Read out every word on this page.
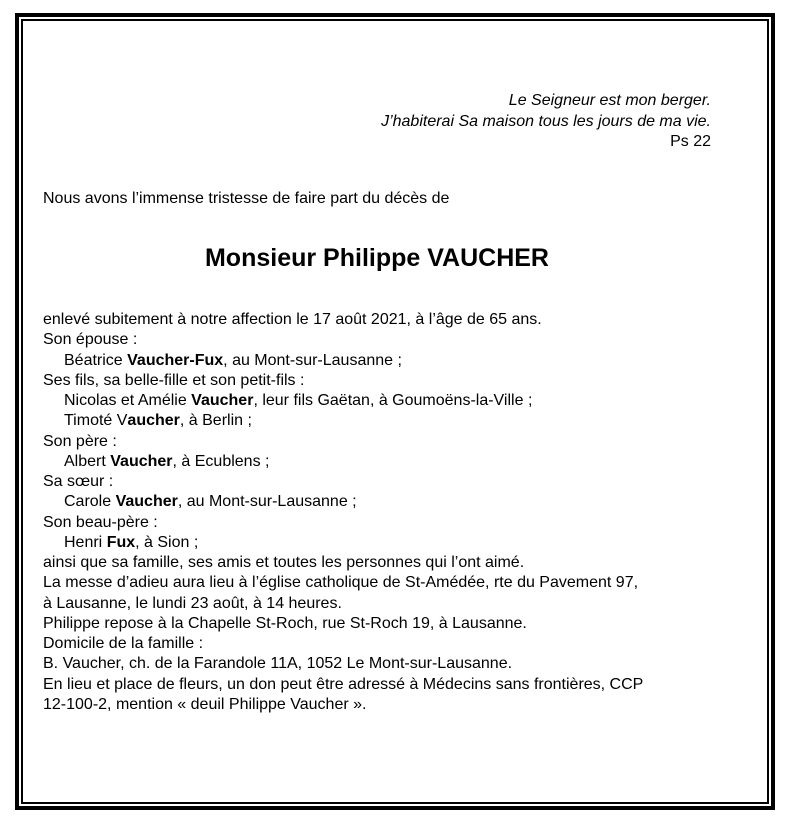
Le Seigneur est mon berger.
J’habiterai Sa maison tous les jours de ma vie.
Ps 22
Nous avons l’immense tristesse de faire part du décès de
Monsieur Philippe VAUCHER
enlevé subitement à notre affection le 17 août 2021, à l’âge de 65 ans.
Son épouse :
Béatrice Vaucher-Fux, au Mont-sur-Lausanne ;
Ses fils, sa belle-fille et son petit-fils :
Nicolas et Amélie Vaucher, leur fils Gaëtan, à Goumoëns-la-Ville ;
Timoté Vaucher, à Berlin ;
Son père :
Albert Vaucher, à Ecublens ;
Sa sœur :
Carole Vaucher, au Mont-sur-Lausanne ;
Son beau-père :
Henri Fux, à Sion ;
ainsi que sa famille, ses amis et toutes les personnes qui l’ont aimé.
La messe d’adieu aura lieu à l’église catholique de St-Amédée, rte du Pavement 97,
à Lausanne, le lundi 23 août, à 14 heures.
Philippe repose à la Chapelle St-Roch, rue St-Roch 19, à Lausanne.
Domicile de la famille :
B. Vaucher, ch. de la Farandole 11A, 1052 Le Mont-sur-Lausanne.
En lieu et place de fleurs, un don peut être adressé à Médecins sans frontières, CCP
12-100-2, mention « deuil Philippe Vaucher ».
